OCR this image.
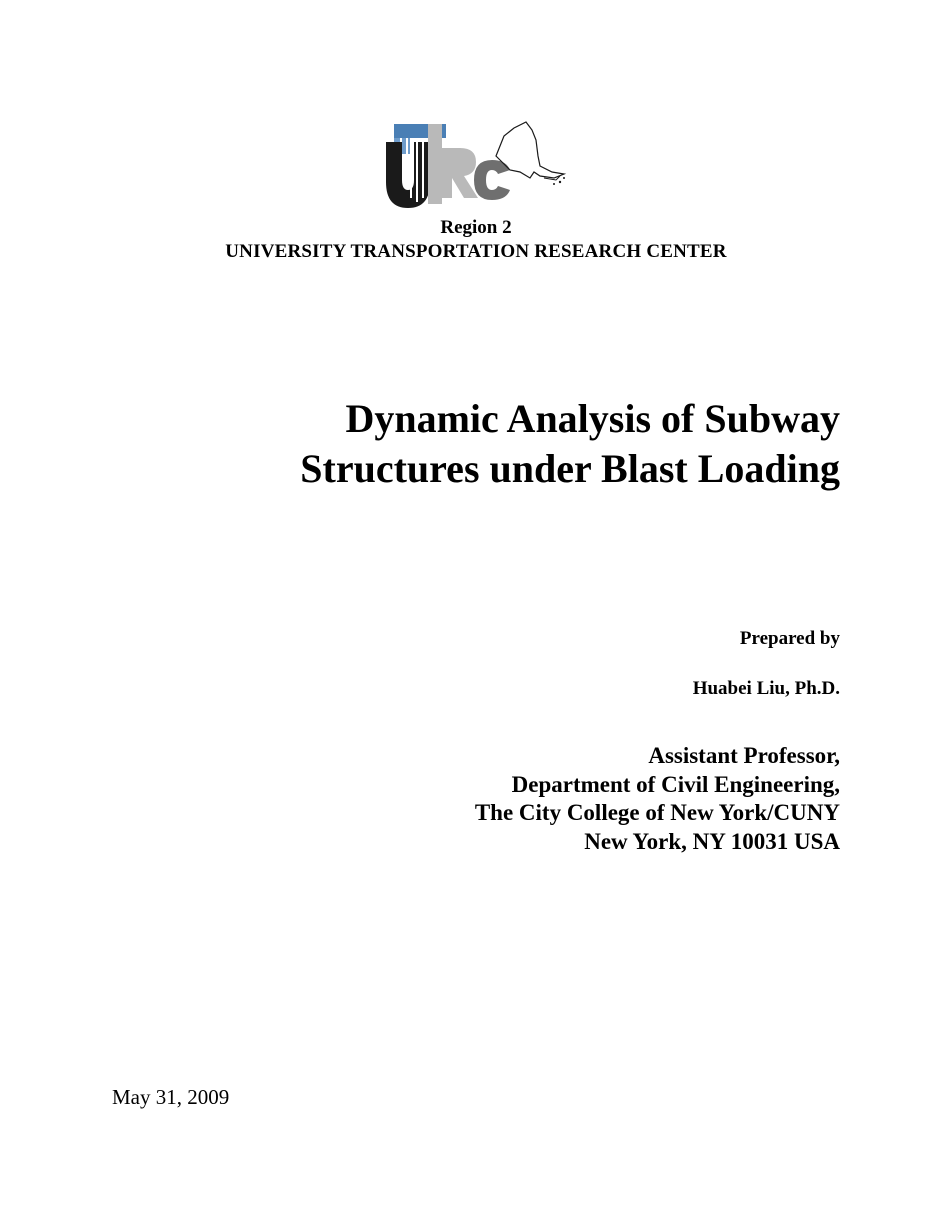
Region 2
UNIVERSITY TRANSPORTATION RESEARCH CENTER
Dynamic Analysis of Subway
Structures under Blast Loading
Prepared by
Huabei Liu, Ph.D.
Assistant Professor,
Department of Civil Engineering,
The City College of New York/CUNY
New York, NY 10031 USA
May 31, 2009
